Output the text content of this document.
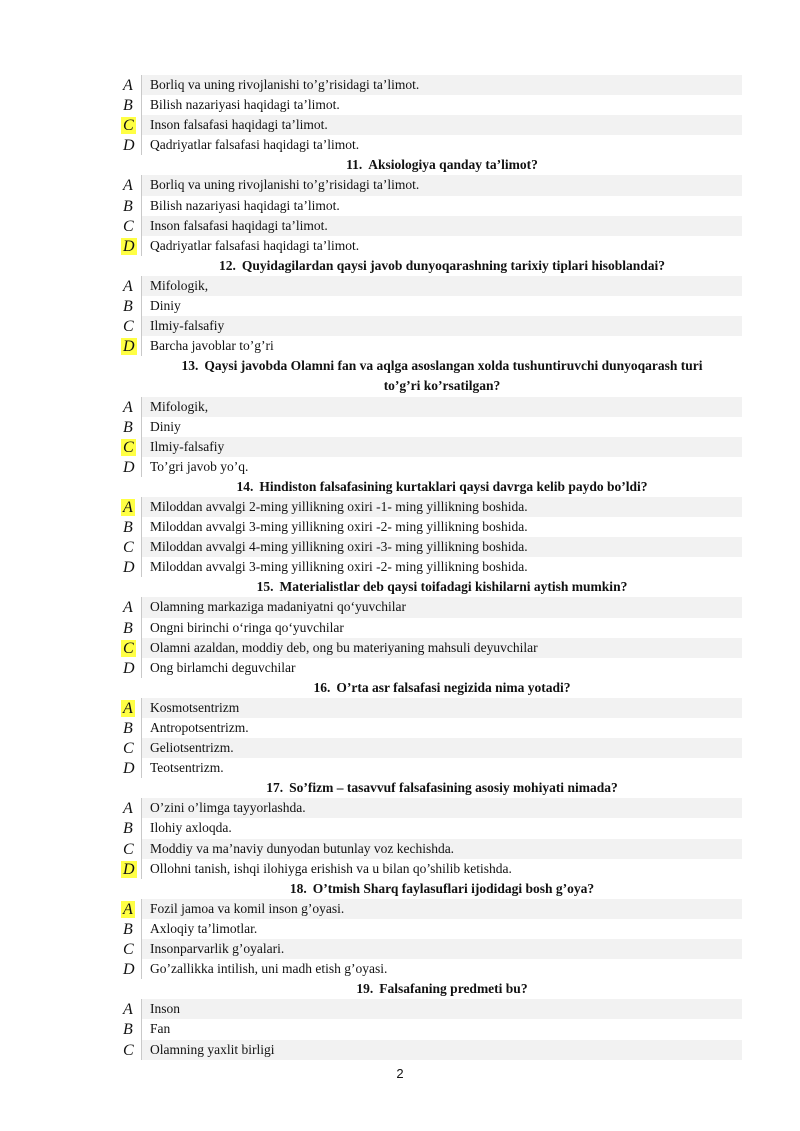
A	Borliq va uning rivojlanishi to’g’risidagi ta’limot.
B	Bilish nazariyasi haqidagi ta’limot.
C	Inson falsafasi haqidagi ta’limot.
D	Qadriyatlar falsafasi haqidagi ta’limot.
11. Aksiologiya qanday ta’limot?
A	Borliq va uning rivojlanishi to’g’risidagi ta’limot.
B	Bilish nazariyasi haqidagi ta’limot.
C	Inson falsafasi haqidagi ta’limot.
D	Qadriyatlar falsafasi haqidagi ta’limot.
12. Quyidagilardan qaysi javob dunyoqarashning tarixiy tiplari hisoblandai?
A	Mifologik,
B	Diniy
C	Ilmiy-falsafiy
D	Barcha javoblar to’g’ri
13. Qaysi javobda Olamni fan va aqlga asoslangan xolda tushuntiruvchi dunyoqarash turi to’g’ri ko’rsatilgan?
A	Mifologik,
B	Diniy
C	Ilmiy-falsafiy
D	To’gri javob yo’q.
14. Hindiston falsafasining kurtaklari qaysi davrga kelib paydo bo’ldi?
A	Miloddan avvalgi 2-ming yillikning oxiri -1- ming yillikning boshida.
B	Miloddan avvalgi 3-ming yillikning oxiri -2- ming yillikning boshida.
C	Miloddan avvalgi 4-ming yillikning oxiri -3- ming yillikning boshida.
D	Miloddan avvalgi 3-ming yillikning oxiri -2- ming yillikning boshida.
15. Materialistlar deb qaysi toifadagi kishilarni aytish mumkin?
A	Olamning markaziga madaniyatni qo‘yuvchilar
B	Ongni birinchi o‘ringa qo‘yuvchilar
C	Olamni azaldan, moddiy deb, ong bu materiyaning mahsuli deyuvchilar
D	Ong birlamchi deguvchilar
16. O’rta asr falsafasi negizida nima yotadi?
A	Kosmotsentrizm
B	Antropotsentrizm.
C	Geliotsentrizm.
D	Teotsentrizm.
17. So’fizm – tasavvuf falsafasining asosiy mohiyati nimada?
A	O’zini o’limga tayyorlashda.
B	Ilohiy axloqda.
C	Moddiy va ma’naviy dunyodan butunlay voz kechishda.
D	Ollohni tanish, ishqi ilohiyga erishish va u bilan qo’shilib ketishda.
18. O’tmish Sharq faylasuflari ijodidagi bosh g’oya?
A	Fozil jamoa va komil inson g’oyasi.
B	Axloqiy ta’limotlar.
C	Insonparvarlik g’oyalari.
D	Go’zallikka intilish, uni madh etish g’oyasi.
19. Falsafaning predmeti bu?
A	Inson
B	Fan
C	Olamning yaxlit birligi
2
